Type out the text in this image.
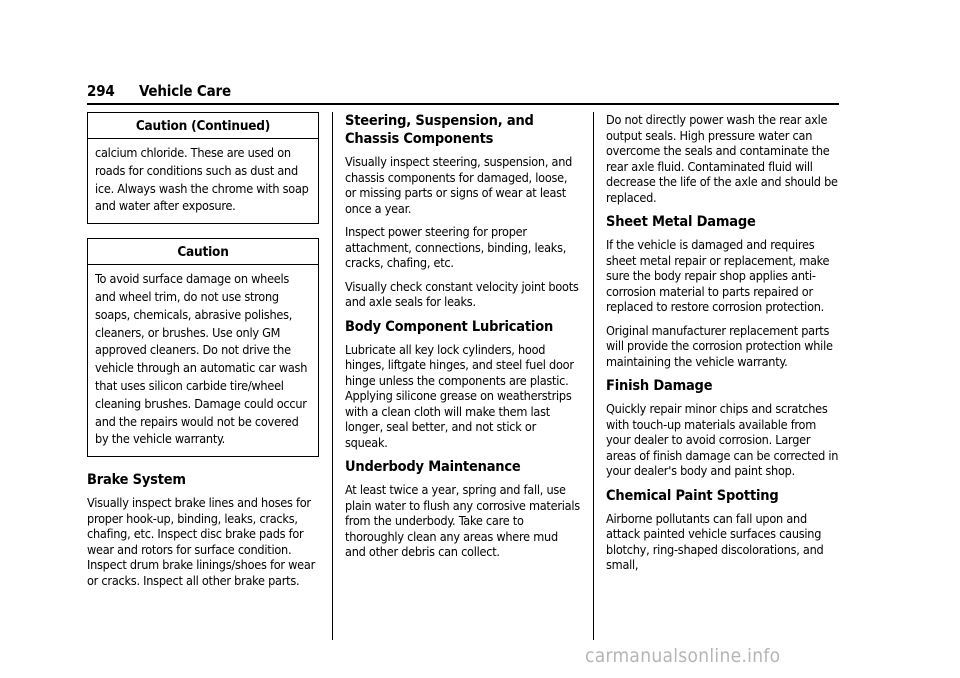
294 Vehicle Care
Caution (Continued)
calcium chloride. These are used on roads for conditions such as dust and ice. Always wash the chrome with soap and water after exposure.
Caution
To avoid surface damage on wheels and wheel trim, do not use strong soaps, chemicals, abrasive polishes, cleaners, or brushes. Use only GM approved cleaners. Do not drive the vehicle through an automatic car wash that uses silicon carbide tire/wheel cleaning brushes. Damage could occur and the repairs would not be covered by the vehicle warranty.
Brake System

Visually inspect brake lines and hoses for proper hook-up, binding, leaks, cracks, chafing, etc. Inspect disc brake pads for wear and rotors for surface condition. Inspect drum brake linings/shoes for wear or cracks. Inspect all other brake parts.

Steering, Suspension, and Chassis Components

Visually inspect steering, suspension, and chassis components for damaged, loose, or missing parts or signs of wear at least once a year.

Inspect power steering for proper attachment, connections, binding, leaks, cracks, chafing, etc.

Visually check constant velocity joint boots and axle seals for leaks.

Body Component Lubrication

Lubricate all key lock cylinders, hood hinges, liftgate hinges, and steel fuel door hinge unless the components are plastic. Applying silicone grease on weatherstrips with a clean cloth will make them last longer, seal better, and not stick or squeak.

Underbody Maintenance

At least twice a year, spring and fall, use plain water to flush any corrosive materials from the underbody. Take care to thoroughly clean any areas where mud and other debris can collect.

Do not directly power wash the rear axle output seals. High pressure water can overcome the seals and contaminate the rear axle fluid. Contaminated fluid will decrease the life of the axle and should be replaced.

Sheet Metal Damage

If the vehicle is damaged and requires sheet metal repair or replacement, make sure the body repair shop applies anti-corrosion material to parts repaired or replaced to restore corrosion protection.

Original manufacturer replacement parts will provide the corrosion protection while maintaining the vehicle warranty.

Finish Damage

Quickly repair minor chips and scratches with touch-up materials available from your dealer to avoid corrosion. Larger areas of finish damage can be corrected in your dealer's body and paint shop.

Chemical Paint Spotting

Airborne pollutants can fall upon and attack painted vehicle surfaces causing blotchy, ring-shaped discolorations, and small,

carmanualsonline.info
